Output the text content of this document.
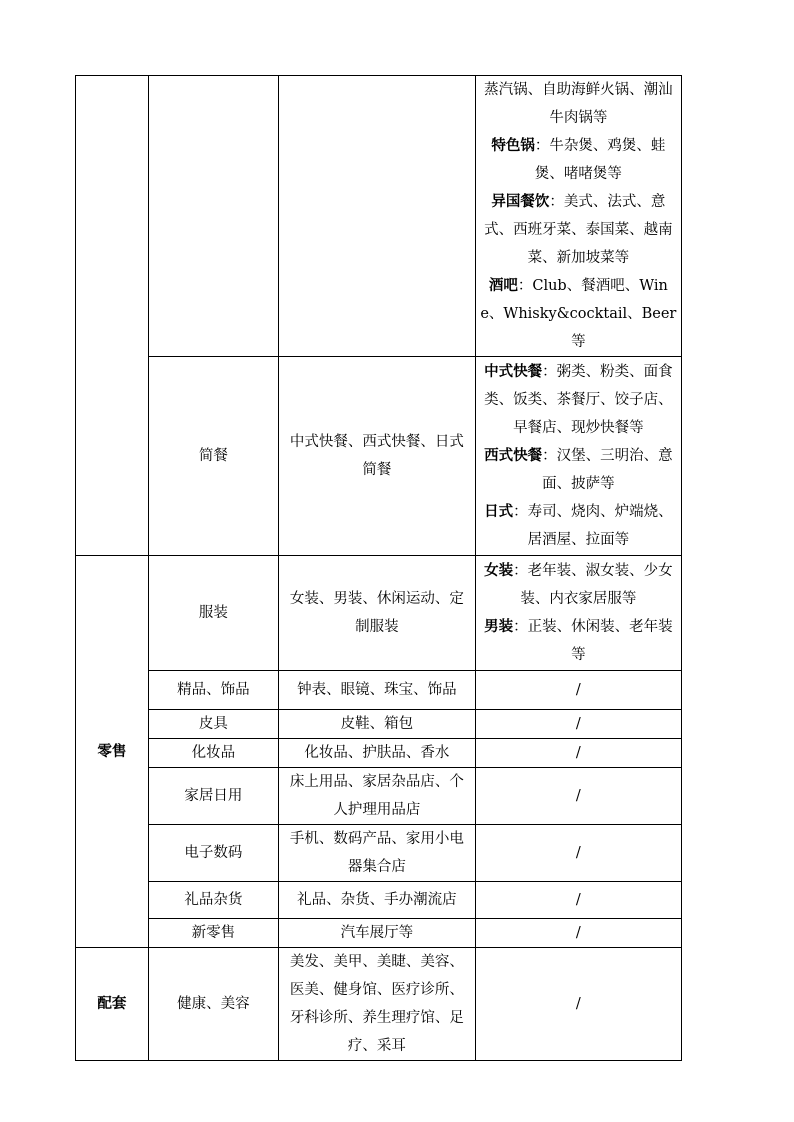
			蒸汽锅、自助海鲜火锅、潮汕牛肉锅等

特色锅：牛杂煲、鸡煲、蛙煲、啫啫煲等

异国餐饮：美式、法式、意式、西班牙菜、泰国菜、越南菜、新加坡菜等

酒吧：Club、餐酒吧、Wine、Whisky&cocktail、Beer等

	简餐	中式快餐、西式快餐、日式简餐	中式快餐：粥类、粉类、面食类、饭类、茶餐厅、饺子店、早餐店、现炒快餐等

西式快餐：汉堡、三明治、意面、披萨等

日式：寿司、烧肉、炉端烧、居酒屋、拉面等

零售	服装	女装、男装、休闲运动、定制服装	女装：老年装、淑女装、少女装、内衣家居服等

男装：正装、休闲装、老年装等

	精品、饰品	钟表、眼镜、珠宝、饰品	/
	皮具	皮鞋、箱包	/
	化妆品	化妆品、护肤品、香水	/
	家居日用	床上用品、家居杂品店、个人护理用品店	/
	电子数码	手机、数码产品、家用小电器集合店	/
	礼品杂货	礼品、杂货、手办潮流店	/
	新零售	汽车展厅等	/
配套	健康、美容	美发、美甲、美睫、美容、医美、健身馆、医疗诊所、牙科诊所、养生理疗馆、足疗、采耳	/
